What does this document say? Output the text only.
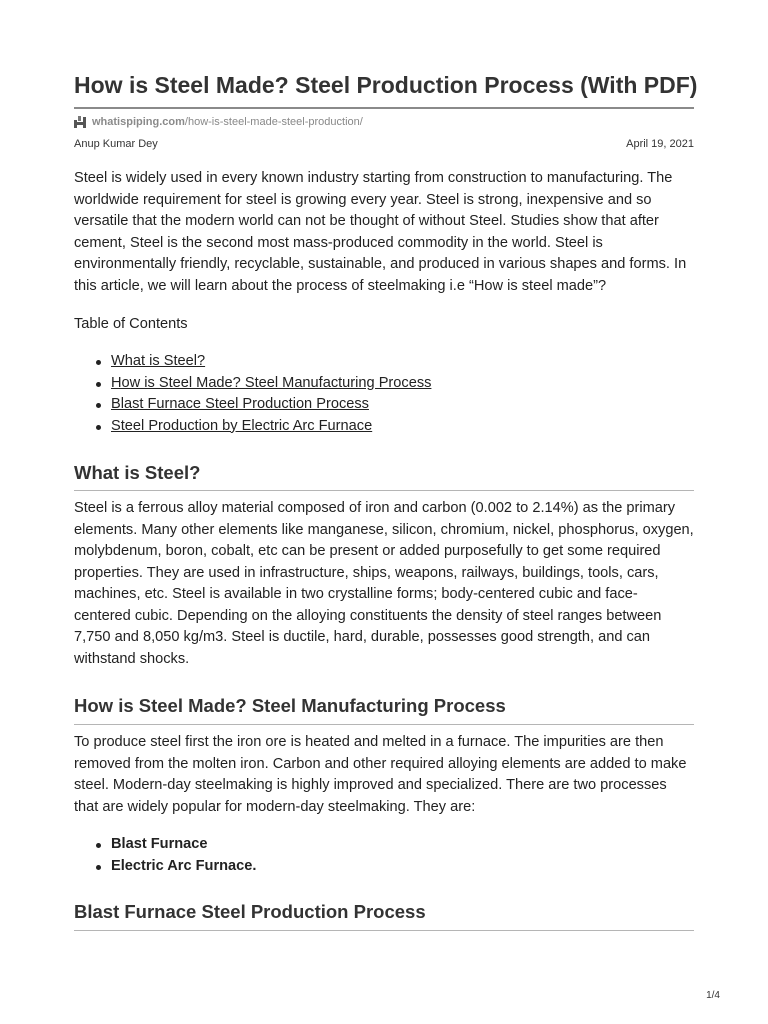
How is Steel Made? Steel Production Process (With PDF)
whatispiping.com /how-is-steel-made-steel-production/
Anup Kumar Dey	April 19, 2021

Steel is widely used in every known industry starting from construction to manufacturing. The worldwide requirement for steel is growing every year. Steel is strong, inexpensive and so versatile that the modern world can not be thought of without Steel. Studies show that after cement, Steel is the second most mass-produced commodity in the world. Steel is environmentally friendly, recyclable, sustainable, and produced in various shapes and forms. In this article, we will learn about the process of steelmaking i.e “How is steel made”?

Table of Contents

What is Steel?
How is Steel Made? Steel Manufacturing Process
Blast Furnace Steel Production Process
Steel Production by Electric Arc Furnace
What is Steel?

Steel is a ferrous alloy material composed of iron and carbon (0.002 to 2.14%) as the primary elements. Many other elements like manganese, silicon, chromium, nickel, phosphorus, oxygen, molybdenum, boron, cobalt, etc can be present or added purposefully to get some required properties. They are used in infrastructure, ships, weapons, railways, buildings, tools, cars, machines, etc. Steel is available in two crystalline forms; body-centered cubic and face-centered cubic. Depending on the alloying constituents the density of steel ranges between 7,750 and 8,050 kg/m3. Steel is ductile, hard, durable, possesses good strength, and can withstand shocks.

How is Steel Made? Steel Manufacturing Process

To produce steel first the iron ore is heated and melted in a furnace. The impurities are then removed from the molten iron. Carbon and other required alloying elements are added to make steel. Modern-day steelmaking is highly improved and specialized. There are two processes that are widely popular for modern-day steelmaking. They are:

Blast Furnace
Electric Arc Furnace.
Blast Furnace Steel Production Process
1/4
